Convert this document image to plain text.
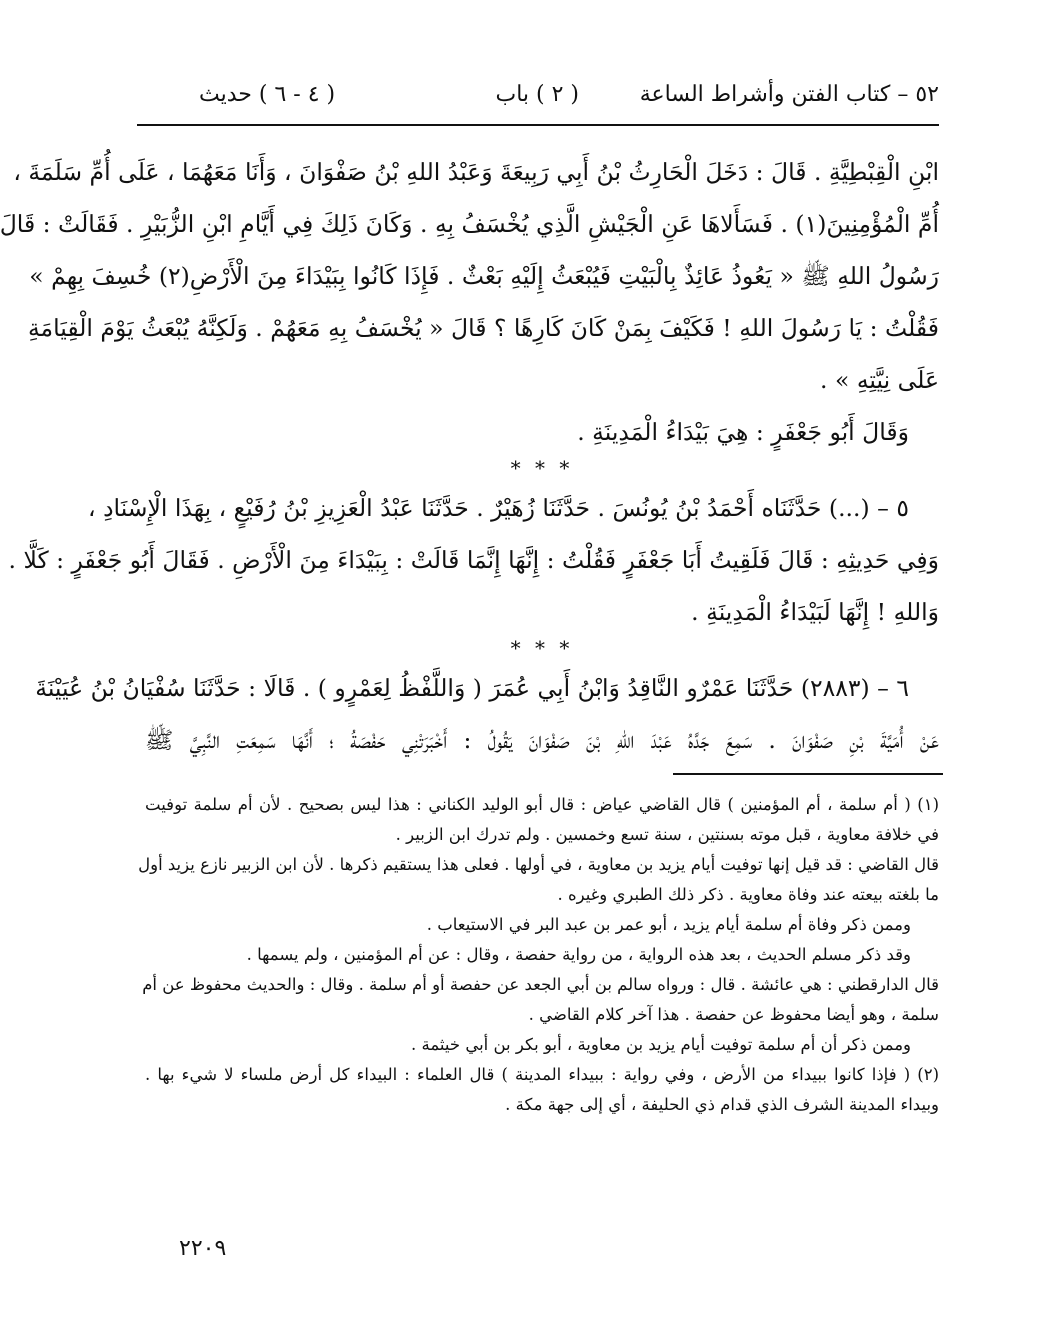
٥٢ – كتاب الفتن وأشراط الساعة
( ٢ ) باب
( ٤ - ٦ ) حديث
ابْنِ الْقِبْطِيَّةِ . قَالَ : دَخَلَ الْحَارِثُ بْنُ أَبِي رَبِيعَةَ وَعَبْدُ اللهِ بْنُ صَفْوَانَ ، وَأَنَا مَعَهُمَا ، عَلَى أُمِّ سَلَمَةَ ،
أُمِّ الْمُؤْمِنِينَ(١) . فَسَأَلاهَا عَنِ الْجَيْشِ الَّذِي يُخْسَفُ بِهِ . وَكَانَ ذَلِكَ فِي أَيَّامِ ابْنِ الزُّبَيْرِ . فَقَالَتْ : قَالَ
رَسُولُ اللهِ ﷺ « يَعُوذُ عَائِذٌ بِالْبَيْتِ فَيُبْعَثُ إِلَيْهِ بَعْثٌ . فَإِذَا كَانُوا بِبَيْدَاءَ مِنَ الْأَرْضِ(٢) خُسِفَ بِهِمْ »
فَقُلْتُ : يَا رَسُولَ اللهِ ! فَكَيْفَ بِمَنْ كَانَ كَارِهًا ؟ قَالَ « يُخْسَفُ بِهِ مَعَهُمْ . وَلَكِنَّهُ يُبْعَثُ يَوْمَ الْقِيَامَةِ
عَلَى نِيَّتِهِ » .
وَقَالَ أَبُو جَعْفَرٍ : هِيَ بَيْدَاءُ الْمَدِينَةِ .
* * *
٥ – (...) حَدَّثَنَاه أَحْمَدُ بْنُ يُونُسَ . حَدَّثَنَا زُهَيْرٌ . حَدَّثَنَا عَبْدُ الْعَزِيزِ بْنُ رُفَيْعٍ ، بِهَذَا الْإِسْنَادِ ،
وَفِي حَدِيثِهِ : قَالَ فَلَقِيتُ أَبَا جَعْفَرٍ فَقُلْتُ : إِنَّهَا إِنَّمَا قَالَتْ : بِبَيْدَاءَ مِنَ الْأَرْضِ . فَقَالَ أَبُو جَعْفَرٍ : كَلَّا .
وَاللهِ ! إِنَّهَا لَبَيْدَاءُ الْمَدِينَةِ .
* * *
٦ – (٢٨٨٣) حَدَّثَنَا عَمْرٌو النَّاقِدُ وَابْنُ أَبِي عُمَرَ ( وَاللَّفْظُ لِعَمْرٍو ) . قَالَا : حَدَّثَنَا سُفْيَانُ بْنُ عُيَيْنَةَ
عَنْ أُمَيَّةَ بْنِ صَفْوَانَ . سَمِعَ جَدَّهُ عَبْدَ اللهِ بْنَ صَفْوَانَ يَقُولُ : أَخْبَرَتْنِي حَفْصَةُ ؛ أَنَّهَا سَمِعَتِ النَّبِيَّ ﷺ
(١) ( أم سلمة ، أم المؤمنين ) قال القاضي عياض : قال أبو الوليد الكناني : هذا ليس بصحيح . لأن أم سلمة توفيت
في خلافة معاوية ، قبل موته بسنتين ، سنة تسع وخمسين . ولم تدرك ابن الزبير .
قال القاضي : قد قيل إنها توفيت أيام يزيد بن معاوية ، في أولها . فعلى هذا يستقيم ذكرها . لأن ابن الزبير نازع يزيد أول
ما بلغته بيعته عند وفاة معاوية . ذكر ذلك الطبري وغيره .
وممن ذكر وفاة أم سلمة أيام يزيد ، أبو عمر بن عبد البر في الاستيعاب .
وقد ذكر مسلم الحديث ، بعد هذه الرواية ، من رواية حفصة ، وقال : عن أم المؤمنين ، ولم يسمها .
قال الدارقطني : هي عائشة . قال : ورواه سالم بن أبي الجعد عن حفصة أو أم سلمة . وقال : والحديث محفوظ عن أم
سلمة ، وهو أيضا محفوظ عن حفصة . هذا آخر كلام القاضي .
وممن ذكر أن أم سلمة توفيت أيام يزيد بن معاوية ، أبو بكر بن أبي خيثمة .
(٢) ( فإذا كانوا ببيداء من الأرض ، وفي رواية : ببيداء المدينة ) قال العلماء : البيداء كل أرض ملساء لا شيء بها .
وبيداء المدينة الشرف الذي قدام ذي الحليفة ، أي إلى جهة مكة .
٢٢٠٩
